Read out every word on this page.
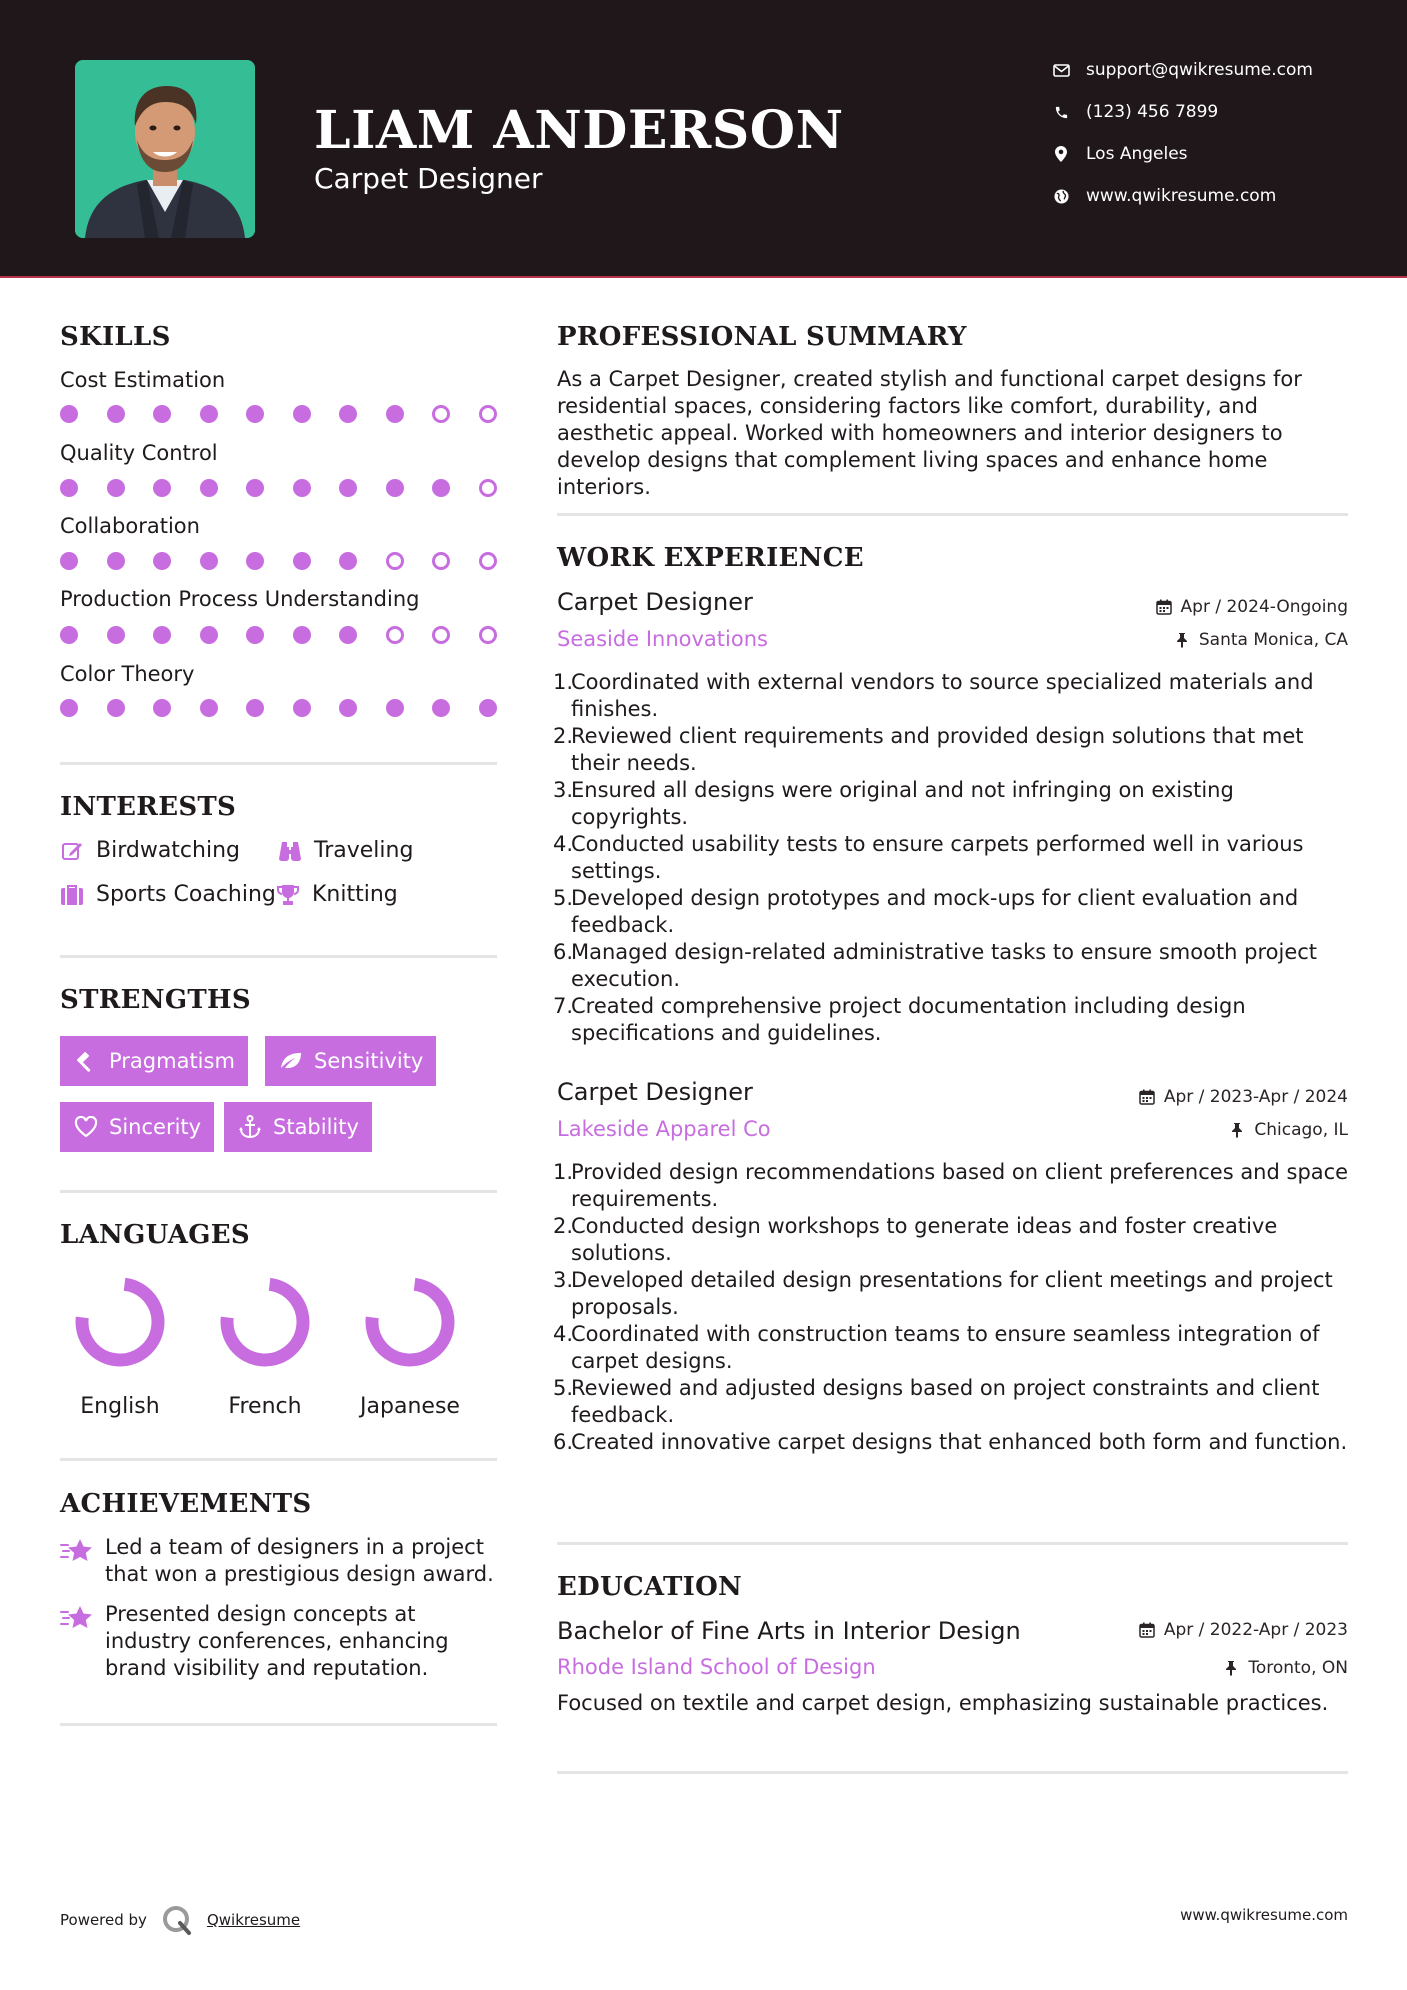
LIAM ANDERSON
Carpet Designer
support@qwikresume.com
(123) 456 7899
Los Angeles
www.qwikresume.com
SKILLS
Cost Estimation
Quality Control
Collaboration
Production Process Understanding
Color Theory
INTERESTS
Birdwatching	Traveling
Sports Coaching Knitting
STRENGTHS
Pragmatism	Sensitivity
Sincerity	Stability
LANGUAGES
English	French	Japanese
ACHIEVEMENTS
Led a team of designers in a project that won a prestigious design award.
Presented design concepts at industry conferences, enhancing brand visibility and reputation.
PROFESSIONAL SUMMARY
As a Carpet Designer, created stylish and functional carpet designs for residential spaces, considering factors like comfort, durability, and aesthetic appeal. Worked with homeowners and interior designers to develop designs that complement living spaces and enhance home interiors.
WORK EXPERIENCE
Carpet Designer	Apr / 2024-Ongoing
Seaside Innovations	Santa Monica, CA
1.
Coordinated with external vendors to source specialized materials and finishes.
2.
Reviewed client requirements and provided design solutions that met their needs.
3.
Ensured all designs were original and not infringing on existing copyrights.
4.
Conducted usability tests to ensure carpets performed well in various settings.
5.
Developed design prototypes and mock-ups for client evaluation and feedback.
6.
Managed design-related administrative tasks to ensure smooth project execution.
7.
Created comprehensive project documentation including design specifications and guidelines.
Carpet Designer	Apr / 2023-Apr / 2024
Lakeside Apparel Co	Chicago, IL
1.
Provided design recommendations based on client preferences and space requirements.
2.
Conducted design workshops to generate ideas and foster creative solutions.
3.
Developed detailed design presentations for client meetings and project proposals.
4.
Coordinated with construction teams to ensure seamless integration of carpet designs.
5.
Reviewed and adjusted designs based on project constraints and client feedback.
6.
Created innovative carpet designs that enhanced both form and function.
EDUCATION
Bachelor of Fine Arts in Interior Design	Apr / 2022-Apr / 2023
Rhode Island School of Design	Toronto, ON
Focused on textile and carpet design, emphasizing sustainable practices.
Powered by	Qwikresume	www.qwikresume.com
